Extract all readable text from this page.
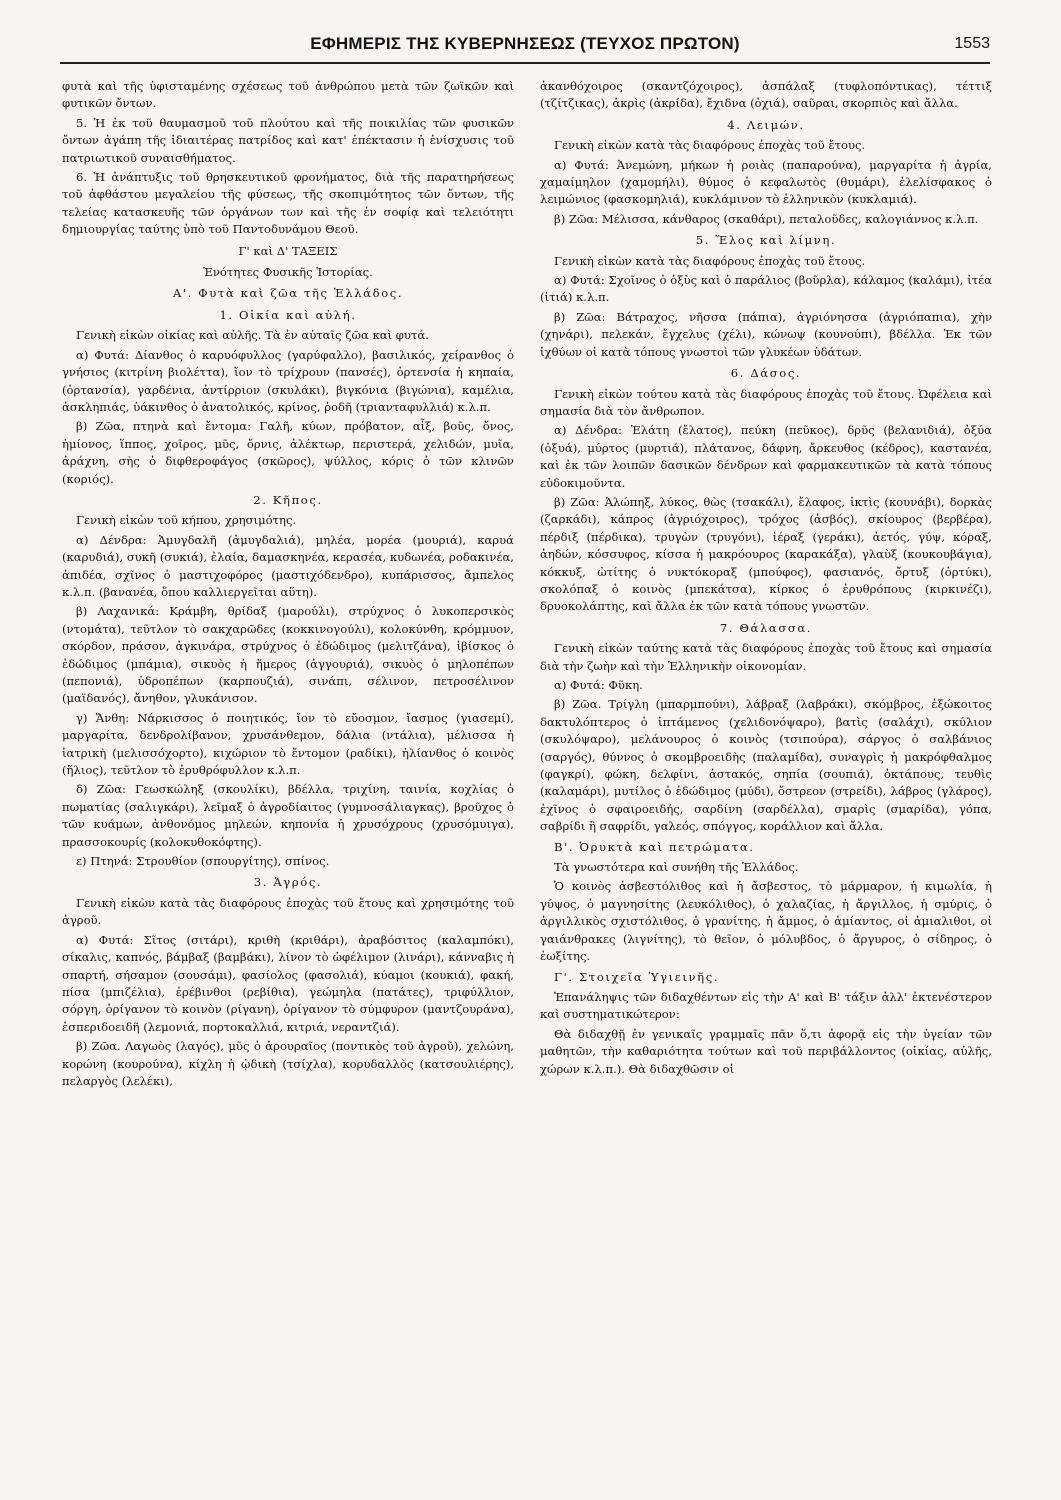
ΕΦΗΜΕΡΙΣ ΤΗΣ ΚΥΒΕΡΝΗΣΕΩΣ (ΤΕΥΧΟΣ ΠΡΩΤΟΝ)	1553
φυτὰ καὶ τῆς ὑφισταμένης σχέσεως τοῦ ἀνθρώπου μετὰ τῶν ζωϊκῶν καὶ φυτικῶν ὄντων.
5. Ἡ ἐκ τοῦ θαυμασμοῦ τοῦ πλούτου καὶ τῆς ποικιλίας τῶν φυσικῶν ὄντων ἀγάπη τῆς ἰδιαιτέρας πατρίδος καὶ κατ' ἐπέκτασιν ἡ ἐνίσχυσις τοῦ πατριωτικοῦ συναισθήματος.
6. Ἡ ἀνάπτυξις τοῦ θρησκευτικοῦ φρονήματος, διὰ τῆς παρατηρήσεως τοῦ ἀφθάστου μεγαλείου τῆς φύσεως, τῆς σκοπιμότητος τῶν ὄντων, τῆς τελείας κατασκευῆς τῶν ὀργάνων των καὶ τῆς ἐν σοφίᾳ καὶ τελειότητι δημιουργίας ταύτης ὑπὸ τοῦ Παντοδυνάμου Θεοῦ.
Γ' καὶ Δ' ΤΑΞΕΙΣ
Ἑνότητες Φυσικῆς Ἱστορίας.
Α'. Φυτὰ καὶ ζῶα τῆς Ἑλλάδος.
1. Οἰκία καὶ αὐλή.
Γενικὴ εἰκὼν οἰκίας καὶ αὐλῆς. Τὰ ἐν αὐταῖς ζῶα καὶ φυτά.
α) Φυτά: Δίανθος ὁ καρυόφυλλος (γαρύφαλλο), βασιλικός, χείρανθος ὁ γνήσιος (κιτρίνη βιολέττα), ἴον τὸ τρίχρουν (πανσές), ὀρτενσία ἡ κηπαία, (ὀρτανσία), γαρδένια, ἀντίρριον (σκυλάκι), βιγκόνια (βιγώνια), καμέλια, ἀσκληπιάς, ὑάκινθος ὁ ἀνατολικός, κρίνος, ῥοδῆ (τριανταφυλλιά) κ.λ.π.
β) Ζῶα, πτηνὰ καὶ ἔντομα: Γαλῆ, κύων, πρόβατον, αἶξ, βοῦς, ὄνος, ἡμίονος, ἵππος, χοῖρος, μῦς, ὄρνις, ἀλέκτωρ, περιστερά, χελιδών, μυῖα, ἀράχνη, σὴς ὁ διφθεροφάγος (σκῶρος), ψύλλος, κόρις ὁ τῶν κλινῶν (κοριός).
2. Κῆπος.
Γενικὴ εἰκὼν τοῦ κήπου, χρησιμότης.
α) Δένδρα: Ἀμυγδαλῆ (ἀμυγδαλιά), μηλέα, μορέα (μουριά), καρυά (καρυδιά), συκῆ (συκιά), ἐλαία, δαμασκηνέα, κερασέα, κυδωνέα, ροδακινέα, ἀπιδέα, σχῖνος ὁ μαστιχοφόρος (μαστιχόδενδρο), κυπάρισσος, ἄμπελος κ.λ.π. (βανανέα, ὅπου καλλιεργεῖται αὕτη).
β) Λαχανικά: Κράμβη, θρίδαξ (μαρούλι), στρύχνος ὁ λυκοπερσικὸς (ντομάτα), τεῦτλον τὸ σακχαρῶδες (κοκκινογούλι), κολοκύνθη, κρόμμυον, σκόρδον, πράσον, ἀγκινάρα, στρύχνος ὁ ἐδώδιμος (μελιτζάνα), ἰβίσκος ὁ ἐδώδιμος (μπάμια), σικυὸς ἡ ἥμερος (ἀγγουριά), σικυὸς ὁ μηλοπέπων (πεπονιά), ὑδροπέπων (καρπουζιά), σινάπι, σέλινον, πετροσέλινον (μαϊδανός), ἄνηθον, γλυκάνισον.
γ) Ἄνθη: Νάρκισσος ὁ ποιητικός, ἴον τὸ εὔοσμον, ἴασμος (γιασεμί), μαργαρίτα, δενδρολίβανον, χρυσάνθεμον, δάλια (ντάλια), μέλισσα ἡ ἰατρικὴ (μελισσόχορτο), κιχώριον τὸ ἔντομον (ραδίκι), ἡλίανθος ὁ κοινὸς (ἥλιος), τεῦτλον τὸ ἐρυθρόφυλλον κ.λ.π.
δ) Ζῶα: Γεωσκώληξ (σκουλίκι), βδέλλα, τριχίνη, ταινία, κοχλίας ὁ πωματίας (σαλιγκάρι), λεῖμαξ ὁ ἀγροδίαιτος (γυμνοσάλιαγκας), βροῦχος ὁ τῶν κυάμων, ἀνθονόμος μηλεών, κηπονία ἡ χρυσόχρους (χρυσόμυιγα), πρασσοκουρίς (κολοκυθοκόφτης).
ε) Πτηνά: Στρουθίον (σπουργίτης), σπίνος.
3. Ἀγρός.
Γενικὴ εἰκὼν κατὰ τὰς διαφόρους ἐποχὰς τοῦ ἔτους καὶ χρησιμότης τοῦ ἀγροῦ.
α) Φυτά: Σῖτος (σιτάρι), κριθὴ (κριθάρι), ἀραβόσιτος (καλαμπόκι), σίκαλις, καπνός, βάμβαξ (βαμβάκι), λίνον τὸ ὠφέλιμον (λινάρι), κάνναβις ἡ σπαρτή, σήσαμον (σουσάμι), φασίολος (φασολιά), κύαμοι (κουκιά), φακή, πίσα (μπιζέλια), ἐρέβινθοι (ρεβίθια), γεώμηλα (πατάτες), τριφύλλιον, σόργη, ὀρίγανον τὸ κοινὸν (ρίγανη), ὀρίγανον τὸ σύμφυρον (μαντζουράνα), ἑσπεριδοειδῆ (λεμονιά, πορτοκαλλιά, κιτριά, νεραντζιά).
β) Ζῶα. Λαγωὸς (λαγός), μῦς ὁ ἀρουραῖος (ποντικὸς τοῦ ἀγροῦ), χελώνη, κορώνη (κουρούνα), κίχλη ἡ ᾠδικὴ (τσίχλα), κορυδαλλὸς (κατσουλιέρης), πελαργὸς (λελέκι),
ἀκανθόχοιρος (σκαντζόχοιρος), ἀσπάλαξ (τυφλοπόντικας), τέττιξ (τζίτζικας), ἀκρὶς (ἀκρίδα), ἔχιδνα (ὀχιά), σαῦραι, σκορπιὸς καὶ ἄλλα.
4. Λειμών.
Γενικὴ εἰκὼν κατὰ τὰς διαφόρους ἐποχὰς τοῦ ἔτους.
α) Φυτά: Ἀνεμώνη, μήκων ἡ ροιὰς (παπαρούνα), μαργαρίτα ἡ ἀγρία, χαμαίμηλον (χαμομήλι), θύμος ὁ κεφαλωτὸς (θυμάρι), ἐλελίσφακος ὁ λειμώνιος (φασκομηλιά), κυκλάμινον τὸ ἑλληνικὸν (κυκλαμιά).
β) Ζῶα: Μέλισσα, κάνθαρος (σκαθάρι), πεταλοῦδες, καλογιάννος κ.λ.π.
5. Ἕλος καὶ λίμνη.
Γενικὴ εἰκὼν κατὰ τὰς διαφόρους ἐποχὰς τοῦ ἔτους.
α) Φυτά: Σχοῖνος ὁ ὀξὺς καὶ ὁ παράλιος (βοῦρλα), κάλαμος (καλάμι), ἰτέα (ἰτιά) κ.λ.π.
β) Ζῶα: Βάτραχος, νῆσσα (πάπια), ἀγριόνησσα (ἀγριόπαπια), χὴν (χηνάρι), πελεκάν, ἔγχελυς (χέλι), κώνωψ (κουνούπι), βδέλλα. Ἐκ τῶν ἰχθύων οἱ κατὰ τόπους γνωστοὶ τῶν γλυκέων ὑδάτων.
6. Δάσος.
Γενικὴ εἰκὼν τούτου κατὰ τὰς διαφόρους ἐποχὰς τοῦ ἔτους. Ὠφέλεια καὶ σημασία διὰ τὸν ἄνθρωπον.
α) Δένδρα: Ἐλάτη (ἔλατος), πεύκη (πεῦκος), δρῦς (βελανιδιά), ὀξύα (ὀξυά), μύρτος (μυρτιά), πλάτανος, δάφνη, ἄρκευθος (κέδρος), καστανέα, καὶ ἐκ τῶν λοιπῶν δασικῶν δένδρων καὶ φαρμακευτικῶν τὰ κατὰ τόπους εὐδοκιμοῦντα.
β) Ζῶα: Ἀλώπηξ, λύκος, θὼς (τσακάλι), ἔλαφος, ἰκτὶς (κουνάβι), δορκὰς (ζαρκάδι), κάπρος (ἀγριόχοιρος), τρόχος (ἀσβός), σκίουρος (βερβέρα), πέρδιξ (πέρδικα), τρυγὼν (τρυγόνι), ἱέραξ (γεράκι), ἀετός, γύψ, κόραξ, ἀηδών, κόσσυφος, κίσσα ἡ μακρόουρος (καρακάξα), γλαὺξ (κουκουβάγια), κόκκυξ, ὠτίτης ὁ νυκτόκοραξ (μπούφος), φασιανός, ὄρτυξ (ὀρτύκι), σκολόπαξ ὁ κοινὸς (μπεκάτσα), κίρκος ὁ ἐρυθρόπους (κιρκινέζι), δρυοκολάπτης, καὶ ἄλλα ἐκ τῶν κατὰ τόπους γνωστῶν.
7. Θάλασσα.
Γενικὴ εἰκὼν ταύτης κατὰ τὰς διαφόρους ἐποχὰς τοῦ ἔτους καὶ σημασία διὰ τὴν ζωὴν καὶ τὴν Ἑλληνικὴν οἰκονομίαν.
α) Φυτά: Φῦκη.
β) Ζῶα. Τρίγλη (μπαρμπούνι), λάβραξ (λαβράκι), σκόμβρος, ἐξώκοιτος δακτυλόπτερος ὁ ἱπτάμενος (χελιδονόψαρο), βατὶς (σαλάχι), σκύλιον (σκυλόψαρο), μελάνουρος ὁ κοινὸς (τσιπούρα), σάργος ὁ σαλβάνιος (σαργός), θύννος ὁ σκομβροειδὴς (παλαμίδα), συναγρὶς ἡ μακρόφθαλμος (φαγκρί), φώκη, δελφίνι, ἀστακός, σηπία (σουπιά), ὀκτάπους, τευθὶς (καλαμάρι), μυτίλος ὁ ἐδώδιμος (μύδι), ὄστρεον (στρείδι), λάβρος (γλάρος), ἐχῖνος ὁ σφαιροειδής, σαρδίνη (σαρδέλλα), σμαρὶς (σμαρίδα), γόπα, σαβρίδι ἢ σαφρίδι, γαλεός, σπόγγος, κοράλλιον καὶ ἄλλα.
Β'. Ὀρυκτὰ καὶ πετρώματα.
Τὰ γνωστότερα καὶ συνήθη τῆς Ἑλλάδος.
Ὁ κοινὸς ἀσβεστόλιθος καὶ ἡ ἄσβεστος, τὸ μάρμαρον, ἡ κιμωλία, ἡ γύψος, ὁ μαγνησίτης (λευκόλιθος), ὁ χαλαζίας, ἡ ἄργιλλος, ἡ σμύρις, ὁ ἀργιλλικὸς σχιστόλιθος, ὁ γρανίτης, ἡ ἄμμος, ὁ ἀμίαντος, οἱ ἀμιαλιθοι, οἱ γαιάνθρακες (λιγνίτης), τὸ θεῖον, ὁ μόλυβδος, ὁ ἄργυρος, ὁ σίδηρος, ὁ ἐωξίτης.
Γ'. Στοιχεῖα Ὑγιεινῆς.
Ἐπανάληψις τῶν διδαχθέντων εἰς τὴν Α' καὶ Β' τάξιν ἀλλ' ἐκτενέστερον καὶ συστηματικώτερον:
Θὰ διδαχθῇ ἐν γενικαῖς γραμμαῖς πᾶν ὅ,τι ἀφορᾷ εἰς τὴν ὑγείαν τῶν μαθητῶν, τὴν καθαριότητα τούτων καὶ τοῦ περιβάλλοντος (οἰκίας, αὐλῆς, χώρων κ.λ.π.). Θὰ διδαχθῶσιν οἱ
